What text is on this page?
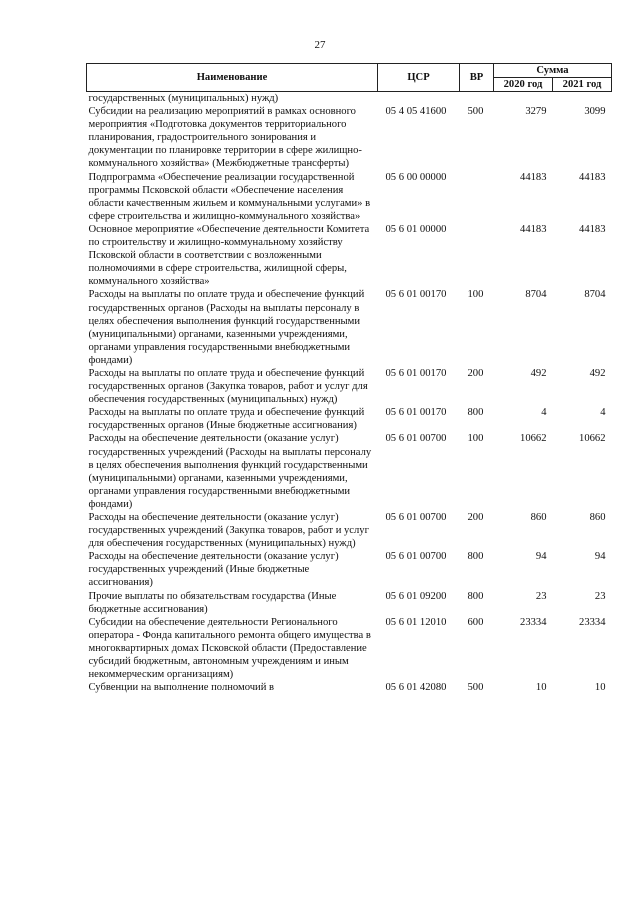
27
Наименование	ЦСР	ВР	Сумма	
			2020 год	2021 год
государственных (муниципальных) нужд)				
Субсидии на реализацию мероприятий в рамках основного мероприятия «Подготовка документов территориального планирования, градостроительного зонирования и документации по планировке территории в сфере жилищно-коммунального хозяйства» (Межбюджетные трансферты)	05 4 05 41600	500	3279	3099
Подпрограмма «Обеспечение реализации государственной программы Псковской области «Обеспечение населения области качественным жильем и коммунальными услугами» в сфере строительства и жилищно-коммунального хозяйства»	05 6 00 00000		44183	44183
Основное мероприятие «Обеспечение деятельности Комитета по строительству и жилищно-коммунальному хозяйству Псковской области в соответствии с возложенными полномочиями в сфере строительства, жилищной сферы, коммунального хозяйства»	05 6 01 00000		44183	44183
Расходы на выплаты по оплате труда и обеспечение функций государственных органов (Расходы на выплаты персоналу в целях обеспечения выполнения функций государственными (муниципальными) органами, казенными учреждениями, органами управления государственными внебюджетными фондами)	05 6 01 00170	100	8704	8704
Расходы на выплаты по оплате труда и обеспечение функций государственных органов (Закупка товаров, работ и услуг для обеспечения государственных (муниципальных) нужд)	05 6 01 00170	200	492	492
Расходы на выплаты по оплате труда и обеспечение функций государственных органов (Иные бюджетные ассигнования)	05 6 01 00170	800	4	4
Расходы на обеспечение деятельности (оказание услуг) государственных учреждений (Расходы на выплаты персоналу в целях обеспечения выполнения функций государственными (муниципальными) органами, казенными учреждениями, органами управления государственными внебюджетными фондами)	05 6 01 00700	100	10662	10662
Расходы на обеспечение деятельности (оказание услуг) государственных учреждений (Закупка товаров, работ и услуг для обеспечения государственных (муниципальных) нужд)	05 6 01 00700	200	860	860
Расходы на обеспечение деятельности (оказание услуг) государственных учреждений (Иные бюджетные ассигнования)	05 6 01 00700	800	94	94
Прочие выплаты по обязательствам государства (Иные бюджетные ассигнования)	05 6 01 09200	800	23	23
Субсидии на обеспечение деятельности Регионального оператора - Фонда капитального ремонта общего имущества в многоквартирных домах Псковской области (Предоставление субсидий бюджетным, автономным учреждениям и иным некоммерческим организациям)	05 6 01 12010	600	23334	23334
Субвенции на выполнение полномочий в	05 6 01 42080	500	10	10
